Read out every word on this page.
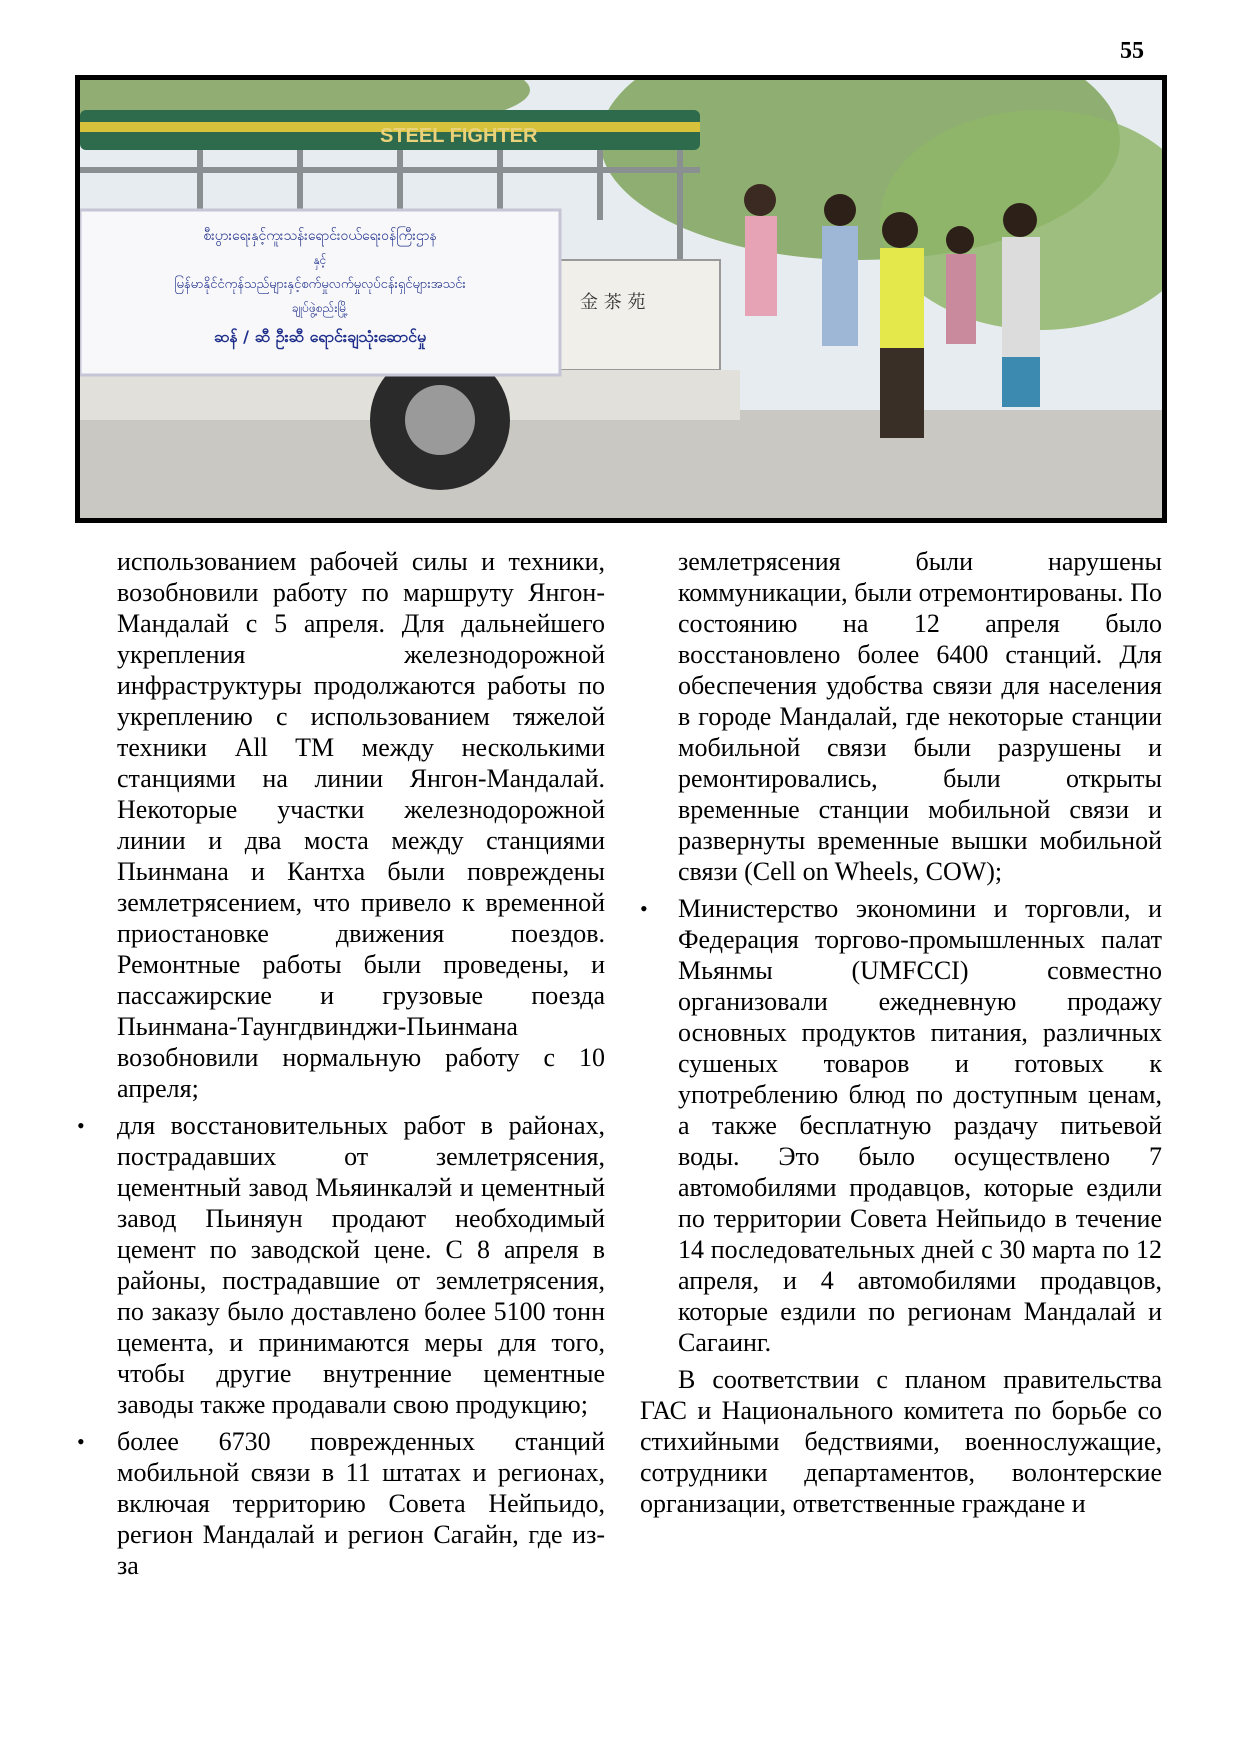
55
STEEL FIGHTER
金 茶 苑
စီးပွားရေးနှင့်ကူးသန်းရောင်းဝယ်ရေးဝန်ကြီးဌာန
နှင့်
မြန်မာနိုင်ငံကုန်သည်များနှင့်စက်မှုလက်မှုလုပ်ငန်းရှင်များအသင်း
ချုပ်ဖွဲ့စည်းမြို့
ဆန် / ဆီ ဦးဆီ ရောင်းချသုံးဆောင်မှု

использованием рабочей силы и техники, возобновили работу по маршруту Янгон-Мандалай с 5 апреля. Для дальнейшего укрепления железнодорожной инфраструктуры продолжаются работы по укреплению с использованием тяжелой техники All TM между несколькими станциями на линии Янгон-Мандалай. Некоторые участки железнодорожной линии и два моста между станциями Пьинмана и Кантха были повреждены землетрясением, что привело к временной приостановке движения поездов. Ремонтные работы были проведены, и пассажирские и грузовые поезда Пьинмана-Таунгдвинджи-Пьинмана возобновили нормальную работу с 10 апреля;

• для восстановительных работ в районах, пострадавших от землетрясения, цементный завод Мьяинкалэй и цементный завод Пьиняун продают необходимый цемент по заводской цене. С 8 апреля в районы, пострадавшие от землетрясения, по заказу было доставлено более 5100 тонн цемента, и принимаются меры для того, чтобы другие внутренние цементные заводы также продавали свою продукцию;
• более 6730 поврежденных станций мобильной связи в 11 штатах и регионах, включая территорию Совета Нейпьидо, регион Мандалай и регион Сагайн, где из-за

землетрясения были нарушены коммуникации, были отремонтированы. По состоянию на 12 апреля было восстановлено более 6400 станций. Для обеспечения удобства связи для населения в городе Мандалай, где некоторые станции мобильной связи были разрушены и ремонтировались, были открыты временные станции мобильной связи и развернуты временные вышки мобильной связи (Cell on Wheels, COW);

• Министерство экономини и торговли, и Федерация торгово-промышленных палат Мьянмы (UMFCCI) совместно организовали ежедневную продажу основных продуктов питания, различных сушеных товаров и готовых к употреблению блюд по доступным ценам, а также бесплатную раздачу питьевой воды. Это было осуществлено 7 автомобилями продавцов, которые ездили по территории Совета Нейпьидо в течение 14 последовательных дней с 30 марта по 12 апреля, и 4 автомобилями продавцов, которые ездили по регионам Мандалай и Сагаинг.

В соответствии с планом правительства ГАС и Национального комитета по борьбе со стихийными бедствиями, военнослужащие, сотрудники департаментов, волонтерские организации, ответственные граждане и
